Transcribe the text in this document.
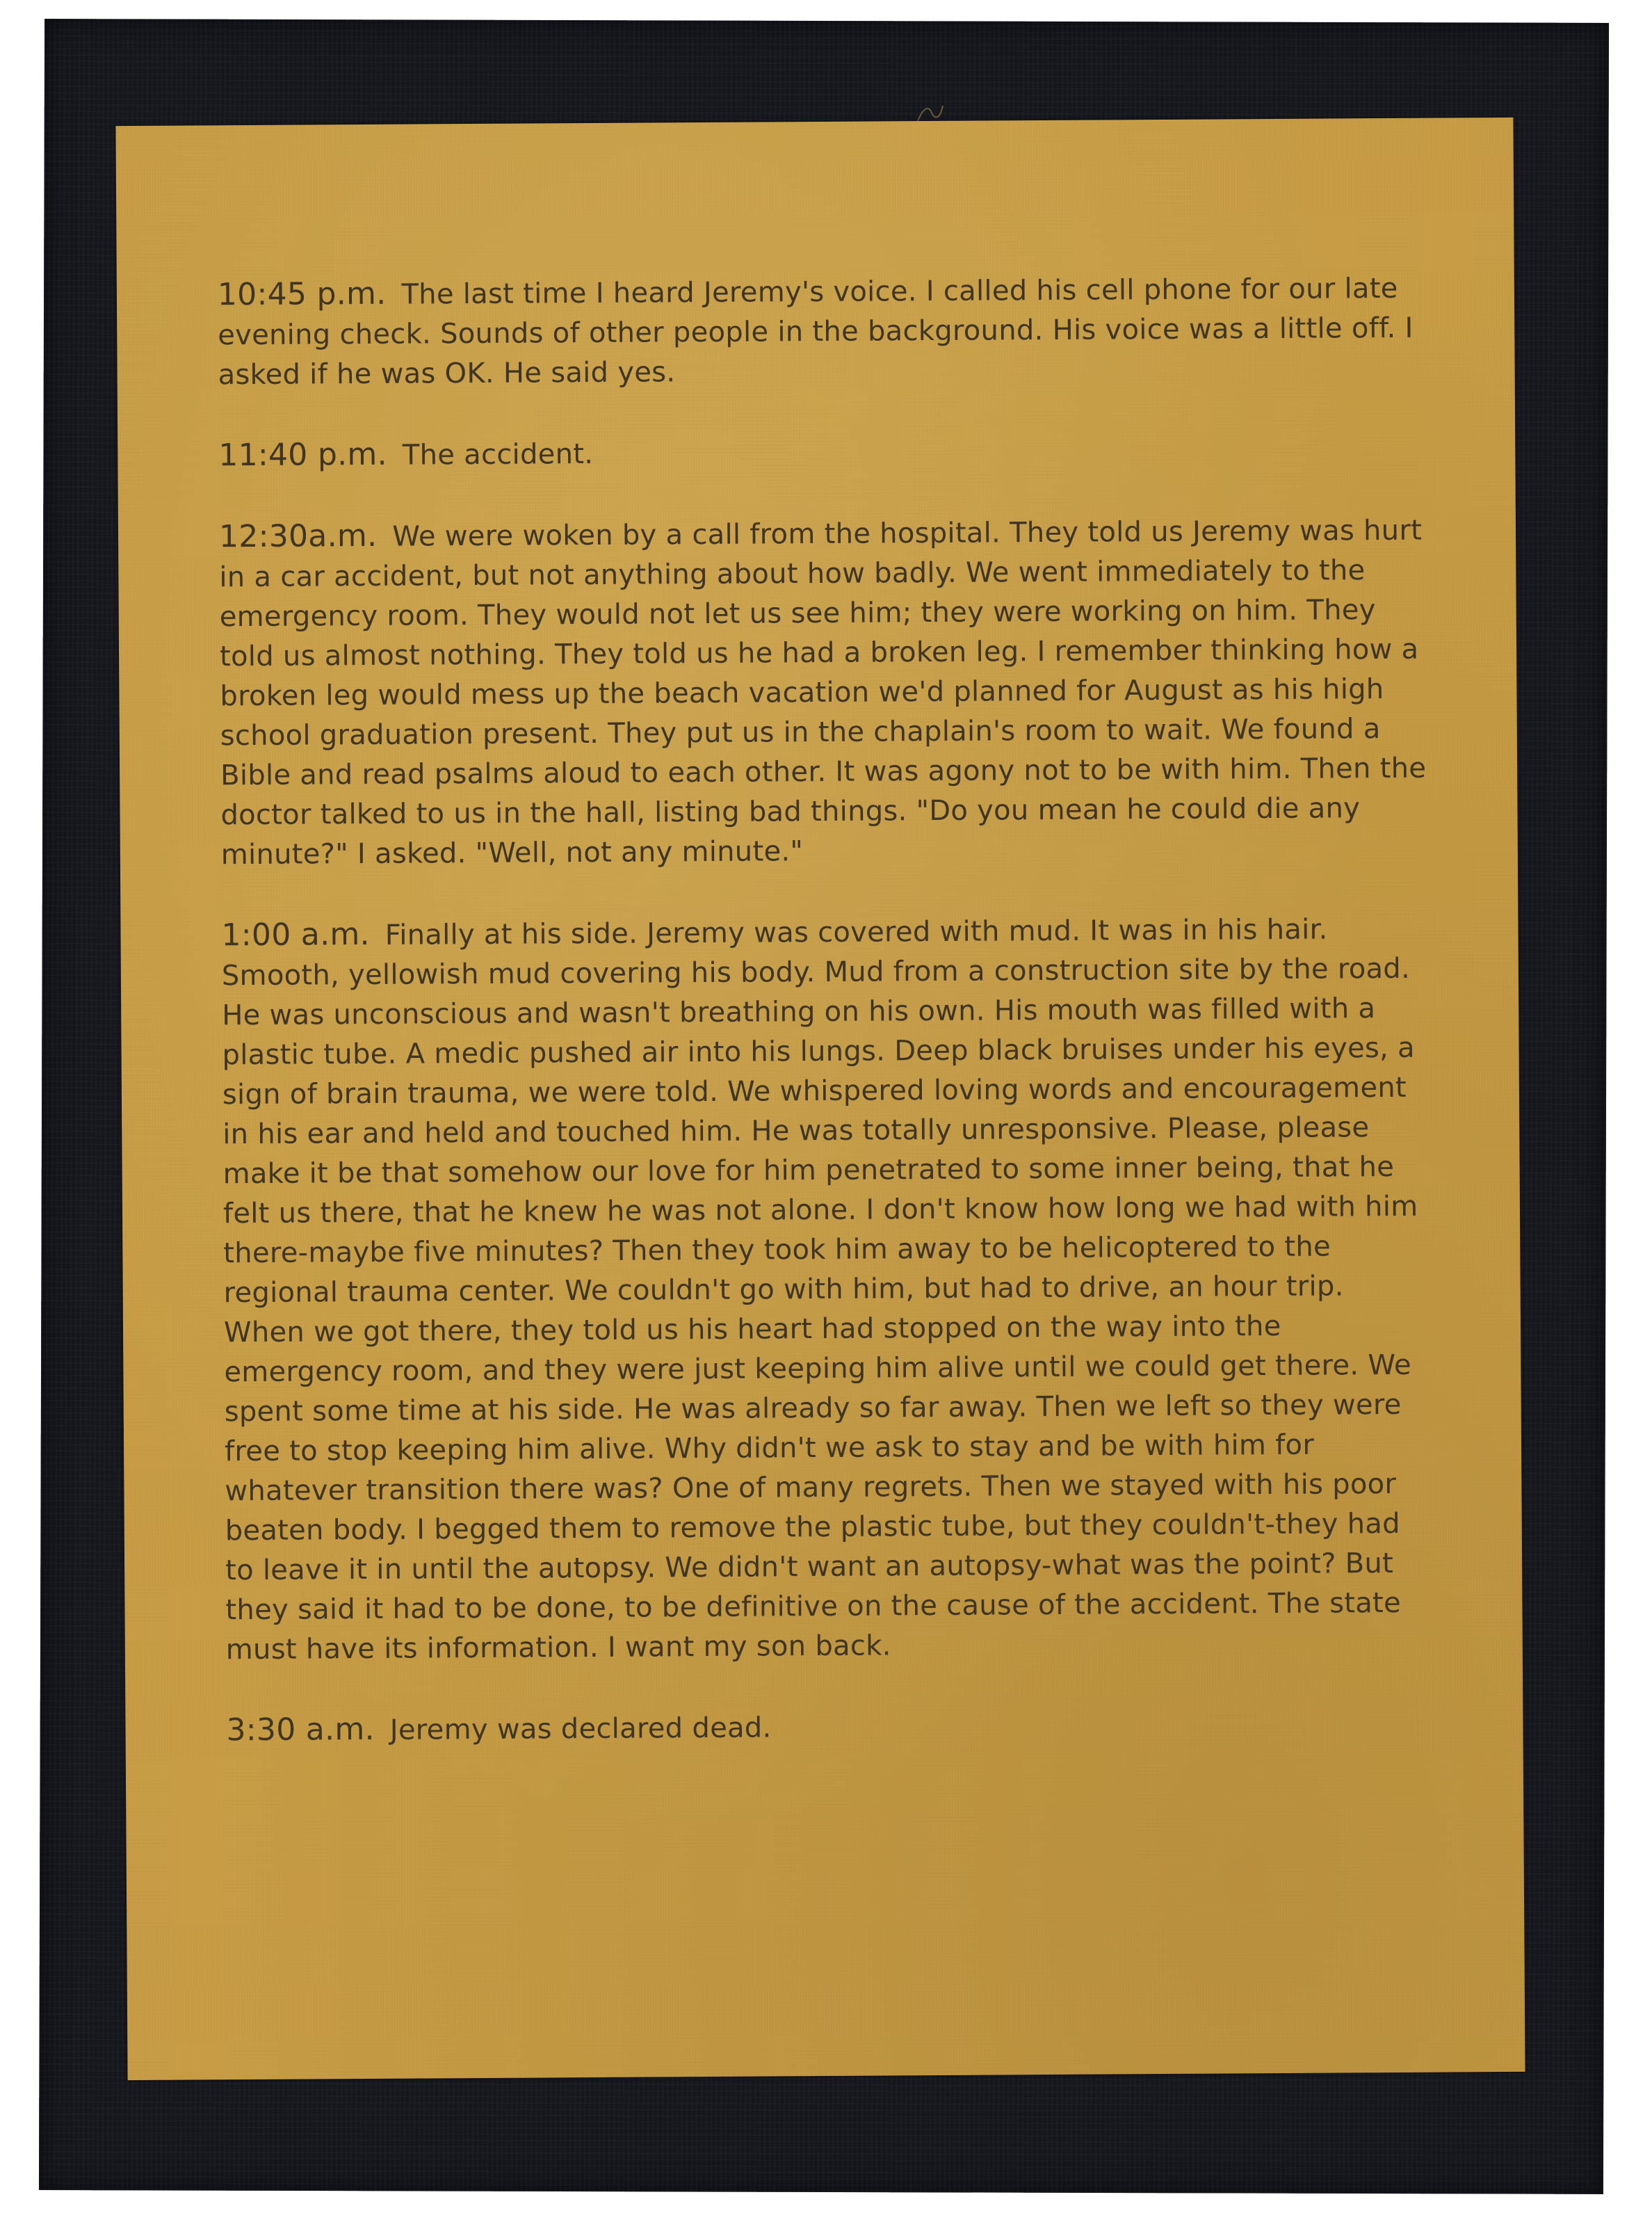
10:45 p.m. The last time I heard Jeremy's voice. I called his cell phone for our late evening check. Sounds of other people in the background. His voice was a little off. I asked if he was OK. He said yes.

11:40 p.m. The accident.

12:30a.m. We were woken by a call from the hospital. They told us Jeremy was hurt in a car accident, but not anything about how badly. We went immediately to the emergency room. They would not let us see him; they were working on him. They told us almost nothing. They told us he had a broken leg. I remember thinking how a broken leg would mess up the beach vacation we'd planned for August as his high school graduation present. They put us in the chaplain's room to wait. We found a Bible and read psalms aloud to each other. It was agony not to be with him. Then the doctor talked to us in the hall, listing bad things. "Do you mean he could die any minute?" I asked. "Well, not any minute."

1:00 a.m. Finally at his side. Jeremy was covered with mud. It was in his hair. Smooth, yellowish mud covering his body. Mud from a construction site by the road. He was unconscious and wasn't breathing on his own. His mouth was filled with a plastic tube. A medic pushed air into his lungs. Deep black bruises under his eyes, a sign of brain trauma, we were told. We whispered loving words and encouragement in his ear and held and touched him. He was totally unresponsive. Please, please make it be that somehow our love for him penetrated to some inner being, that he felt us there, that he knew he was not alone. I don't know how long we had with him there-maybe five minutes? Then they took him away to be helicoptered to the regional trauma center. We couldn't go with him, but had to drive, an hour trip. When we got there, they told us his heart had stopped on the way into the emergency room, and they were just keeping him alive until we could get there. We spent some time at his side. He was already so far away. Then we left so they were free to stop keeping him alive. Why didn't we ask to stay and be with him for whatever transition there was? One of many regrets. Then we stayed with his poor beaten body. I begged them to remove the plastic tube, but they couldn't-they had to leave it in until the autopsy. We didn't want an autopsy-what was the point? But they said it had to be done, to be definitive on the cause of the accident. The state must have its information. I want my son back.

3:30 a.m. Jeremy was declared dead.
